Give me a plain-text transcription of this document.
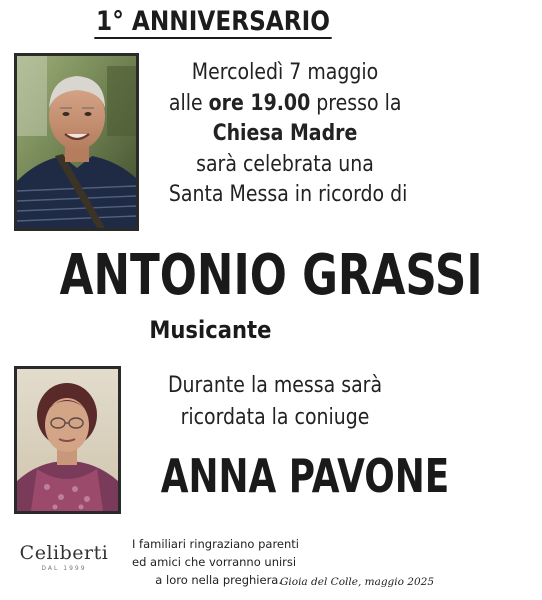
1° ANNIVERSARIO
Mercoledì 7 maggio
alle ore 19.00 presso la
Chiesa Madre
sarà celebrata una
Santa Messa in ricordo di
ANTONIO GRASSI
Musicante
Durante la messa sarà
ricordata la coniuge
ANNA PAVONE
Celiberti
DAL 1999
I familiari ringraziano parenti
ed amici che vorranno unirsi
a loro nella preghiera.
Gioia del Colle, maggio 2025
